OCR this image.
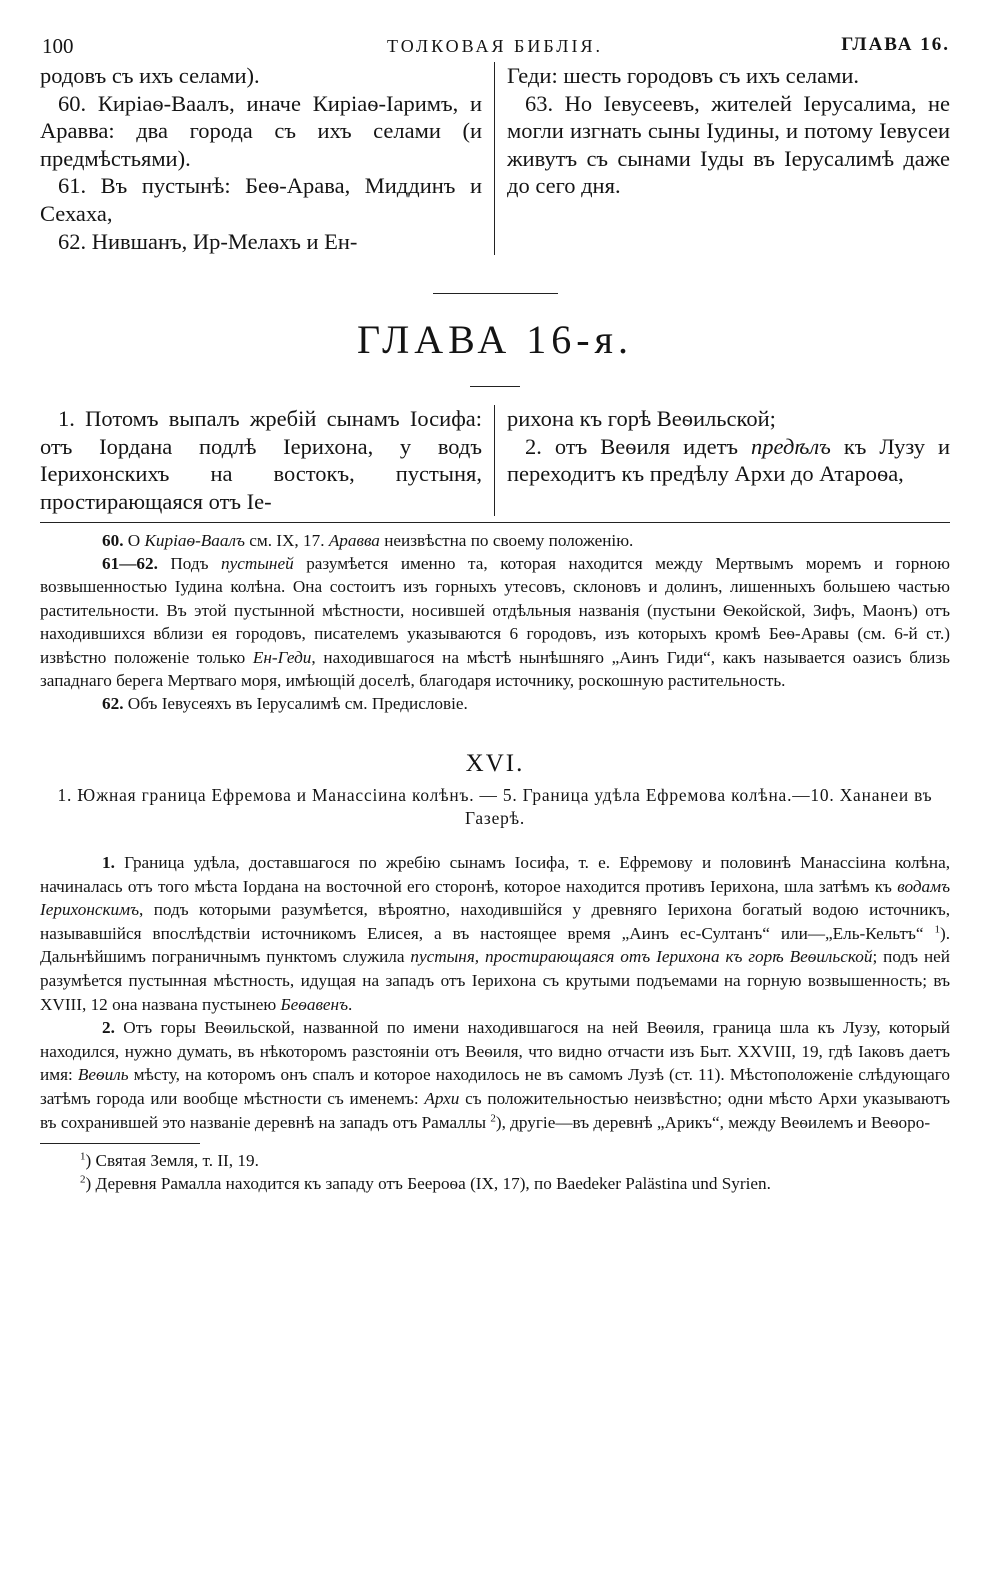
100	ТОЛКОВАЯ БИБЛІЯ.	ГЛАВА 16.

родовъ съ ихъ селами).

60. Киріаѳ-Ваалъ, иначе Киріаѳ-Іаримъ, и Аравва: два города съ ихъ селами (и предмѣстьями).

61. Въ пустынѣ: Беѳ-Арава, Миддинъ и Сехаха,

62. Нившанъ, Ир-Мелахъ и Ен-

Геди: шесть городовъ съ ихъ селами.

63. Но Іевусеевъ, жителей Іерусалима, не могли изгнать сыны Іудины, и потому Іевусеи живутъ съ сынами Іуды въ Іерусалимѣ даже до сего дня.

ГЛАВА 16-я.

1. Потомъ выпалъ жребій сынамъ Іосифа: отъ Іордана подлѣ Іерихона, у водъ Іерихонскихъ на востокъ, пустыня, простирающаяся отъ Іе-

рихона къ горѣ Веѳильской;

2. отъ Веѳиля идетъ предѣлъ къ Лузу и переходитъ къ предѣлу Архи до Атароѳа,

60. О Киріаѳ-Ваалъ см. IX, 17. Аравва неизвѣстна по своему положенію.

61—62. Подъ пустыней разумѣется именно та, которая находится между Мертвымъ моремъ и горною возвышенностью Іудина колѣна. Она состоитъ изъ горныхъ утесовъ, склоновъ и долинъ, лишенныхъ большею частью растительности. Въ этой пустынной мѣстности, носившей отдѣльныя названія (пустыни Ѳекойской, Зифъ, Маонъ) отъ находившихся вблизи ея городовъ, писателемъ указываются 6 городовъ, изъ которыхъ кромѣ Беѳ-Аравы (см. 6-й ст.) извѣстно положеніе только Ен-Геди, находившагося на мѣстѣ нынѣшняго „Аинъ Гиди“, какъ называется оазисъ близь западнаго берега Мертваго моря, имѣющій доселѣ, благодаря источнику, роскошную растительность.

62. Объ Іевусеяхъ въ Іерусалимѣ см. Предисловіе.

XVI.
1. Южная граница Ефремова и Манассіина колѣнъ. — 5. Граница удѣла Ефремова колѣна.—10. Хананеи въ Газерѣ.

1. Граница удѣла, доставшагося по жребію сынамъ Іосифа, т. е. Ефремову и половинѣ Манассіина колѣна, начиналась отъ того мѣста Іордана на восточной его сторонѣ, которое находится противъ Іерихона, шла затѣмъ къ водамъ Іерихонскимъ, подъ которыми разумѣется, вѣроятно, находившійся у древняго Іерихона богатый водою источникъ, называвшійся впослѣдствіи источникомъ Елисея, а въ настоящее время „Аинъ ес-Султанъ“ или—„Ель-Кельтъ“ $^1$). Дальнѣйшимъ пограничнымъ пунктомъ служила пустыня, простирающаяся отъ Іерихона къ горѣ Веѳильской; подъ ней разумѣется пустынная мѣстность, идущая на западъ отъ Іерихона съ крутыми подъемами на горную возвышенность; въ XVIII, 12 она названа пустынею Беѳавенъ.

2. Отъ горы Веѳильской, названной по имени находившагося на ней Веѳиля, граница шла къ Лузу, который находился, нужно думать, въ нѣкоторомъ разстояніи отъ Веѳиля, что видно отчасти изъ Быт. XXVIII, 19, гдѣ Іаковъ даетъ имя: Веѳиль мѣсту, на которомъ онъ спалъ и которое находилось не въ самомъ Лузѣ (ст. 11). Мѣстоположеніе слѣдующаго затѣмъ города или вообще мѣстности съ именемъ: Архи съ положительностью неизвѣстно; одни мѣсто Архи указываютъ въ сохранившей это названіе деревнѣ на западъ отъ Рамаллы $^2$), другіе—въ деревнѣ „Арикъ“, между Веѳилемъ и Веѳоро-

$^1$) Святая Земля, т. II, 19.

$^2$) Деревня Рамалла находится къ западу отъ Беероѳа (IX, 17), по Baedeker Palästina und Syrien.
